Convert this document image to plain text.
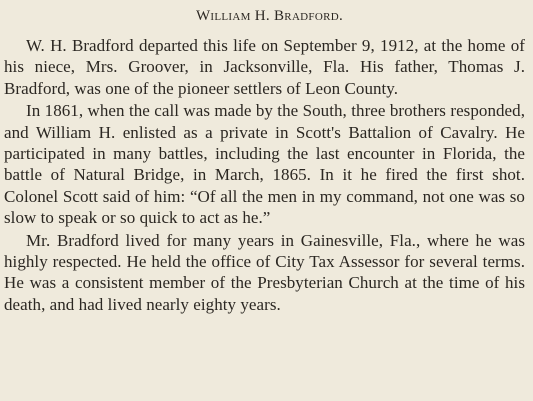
William H. Bradford.

W. H. Bradford departed this life on September 9, 1912, at the home of his niece, Mrs. Groover, in Jacksonville, Fla. His father, Thomas J. Bradford, was one of the pioneer settlers of Leon County.

In 1861, when the call was made by the South, three brothers responded, and William H. enlisted as a private in Scott's Battalion of Cavalry. He participated in many battles, including the last encounter in Florida, the battle of Natural Bridge, in March, 1865. In it he fired the first shot. Colonel Scott said of him: “Of all the men in my command, not one was so slow to speak or so quick to act as he.”

Mr. Bradford lived for many years in Gainesville, Fla., where he was highly respected. He held the office of City Tax Assessor for several terms. He was a consistent member of the Presbyterian Church at the time of his death, and had lived nearly eighty years.
